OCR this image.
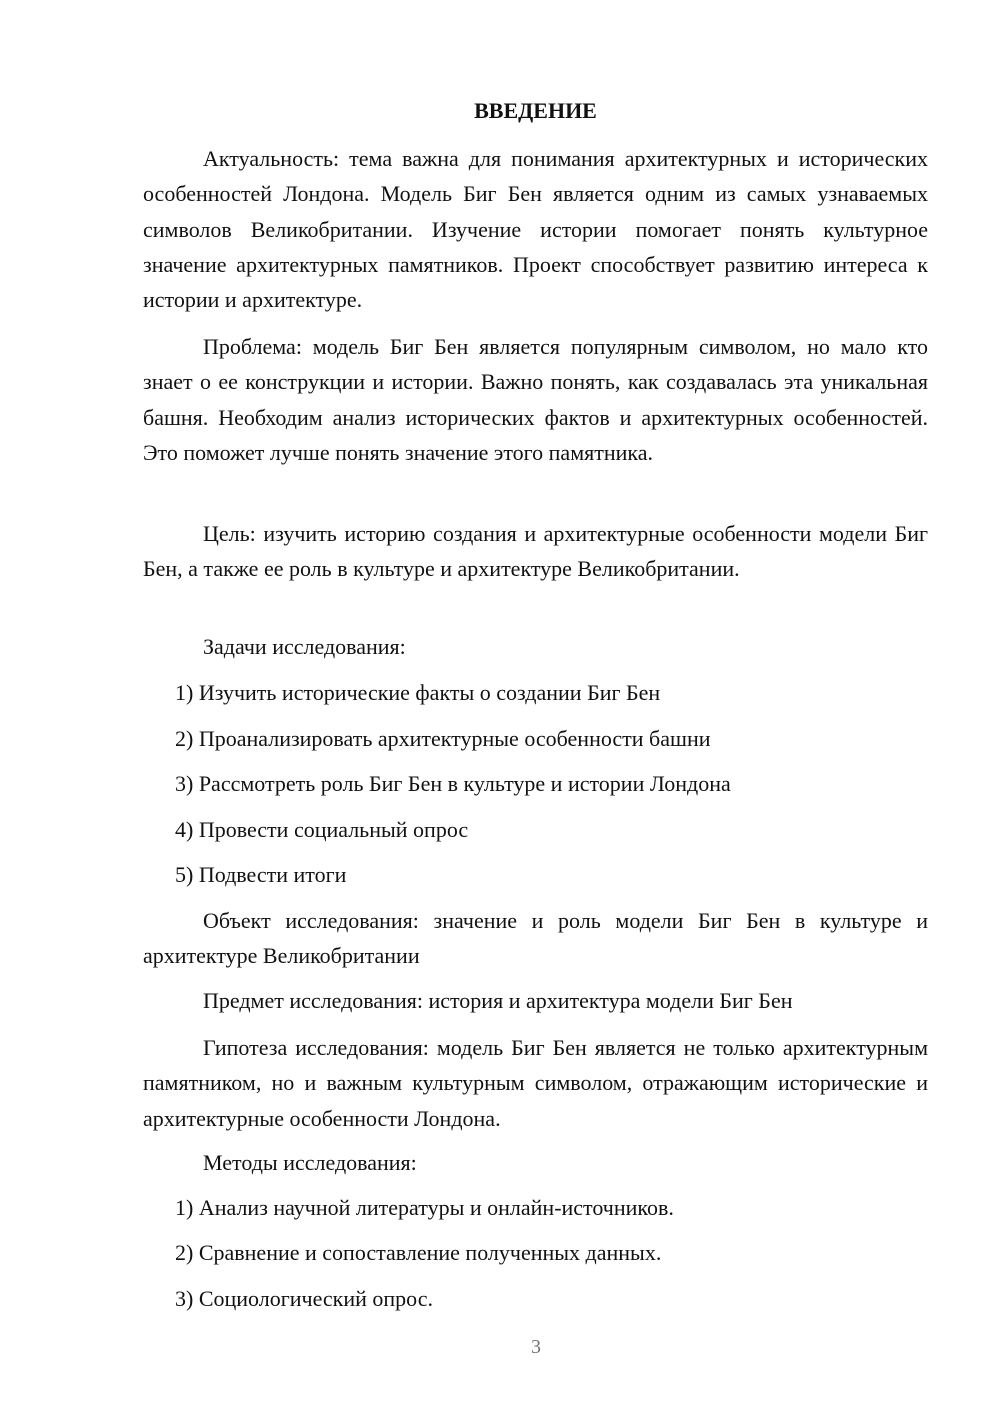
ВВЕДЕНИЕ

Актуальность: тема важна для понимания архитектурных и исторических особенностей Лондона. Модель Биг Бен является одним из самых узнаваемых символов Великобритании. Изучение истории помогает понять культурное значение архитектурных памятников. Проект способствует развитию интереса к истории и архитектуре.

Проблема: модель Биг Бен является популярным символом, но мало кто знает о ее конструкции и истории. Важно понять, как создавалась эта уникальная башня. Необходим анализ исторических фактов и архитектурных особенностей. Это поможет лучше понять значение этого памятника.

Цель: изучить историю создания и архитектурные особенности модели Биг Бен, а также ее роль в культуре и архитектуре Великобритании.

Задачи исследования:

1) Изучить исторические факты о создании Биг Бен

2) Проанализировать архитектурные особенности башни

3) Рассмотреть роль Биг Бен в культуре и истории Лондона

4) Провести социальный опрос

5) Подвести итоги

Объект исследования: значение и роль модели Биг Бен в культуре и архитектуре Великобритании

Предмет исследования: история и архитектура модели Биг Бен

Гипотеза исследования: модель Биг Бен является не только архитектурным памятником, но и важным культурным символом, отражающим исторические и архитектурные особенности Лондона.

Методы исследования:

1) Анализ научной литературы и онлайн-источников.

2) Сравнение и сопоставление полученных данных.

3) Социологический опрос.

3
